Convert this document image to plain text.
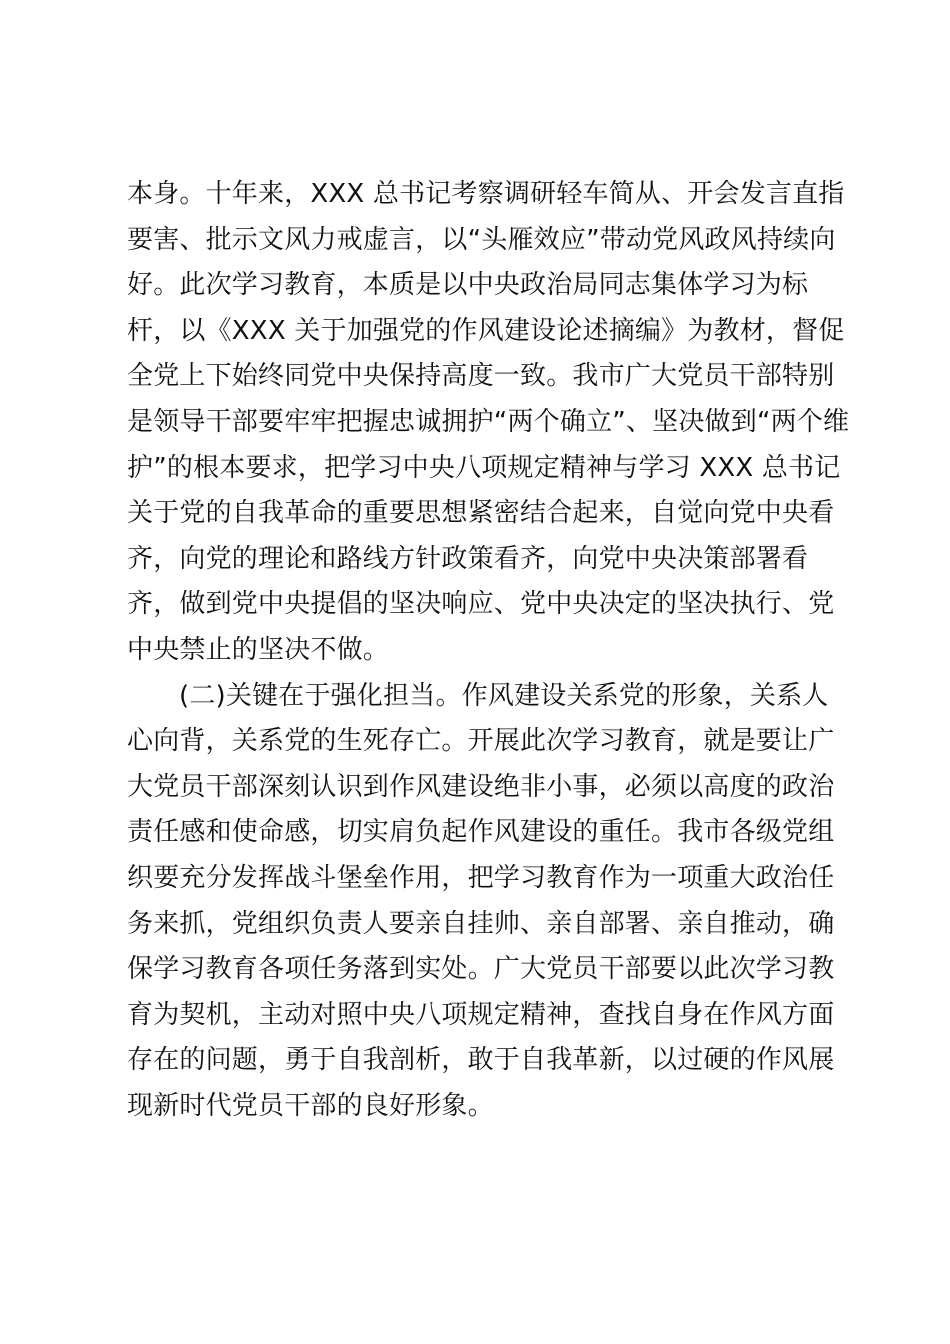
本身。十年来，XXX 总书记考察调研轻车简从、开会发言直指
要害、批示文风力戒虚言，以“头雁效应”带动党风政风持续向
好。此次学习教育，本质是以中央政治局同志集体学习为标
杆，以《XXX 关于加强党的作风建设论述摘编》为教材，督促
全党上下始终同党中央保持高度一致。我市广大党员干部特别
是领导干部要牢牢把握忠诚拥护“两个确立”、坚决做到“两个维
护”的根本要求，把学习中央八项规定精神与学习 XXX 总书记
关于党的自我革命的重要思想紧密结合起来，自觉向党中央看
齐，向党的理论和路线方针政策看齐，向党中央决策部署看
齐，做到党中央提倡的坚决响应、党中央决定的坚决执行、党
中央禁止的坚决不做。
(二)关键在于强化担当。作风建设关系党的形象，关系人
心向背，关系党的生死存亡。开展此次学习教育，就是要让广
大党员干部深刻认识到作风建设绝非小事，必须以高度的政治
责任感和使命感，切实肩负起作风建设的重任。我市各级党组
织要充分发挥战斗堡垒作用，把学习教育作为一项重大政治任
务来抓，党组织负责人要亲自挂帅、亲自部署、亲自推动，确
保学习教育各项任务落到实处。广大党员干部要以此次学习教
育为契机，主动对照中央八项规定精神，查找自身在作风方面
存在的问题，勇于自我剖析，敢于自我革新，以过硬的作风展
现新时代党员干部的良好形象。
